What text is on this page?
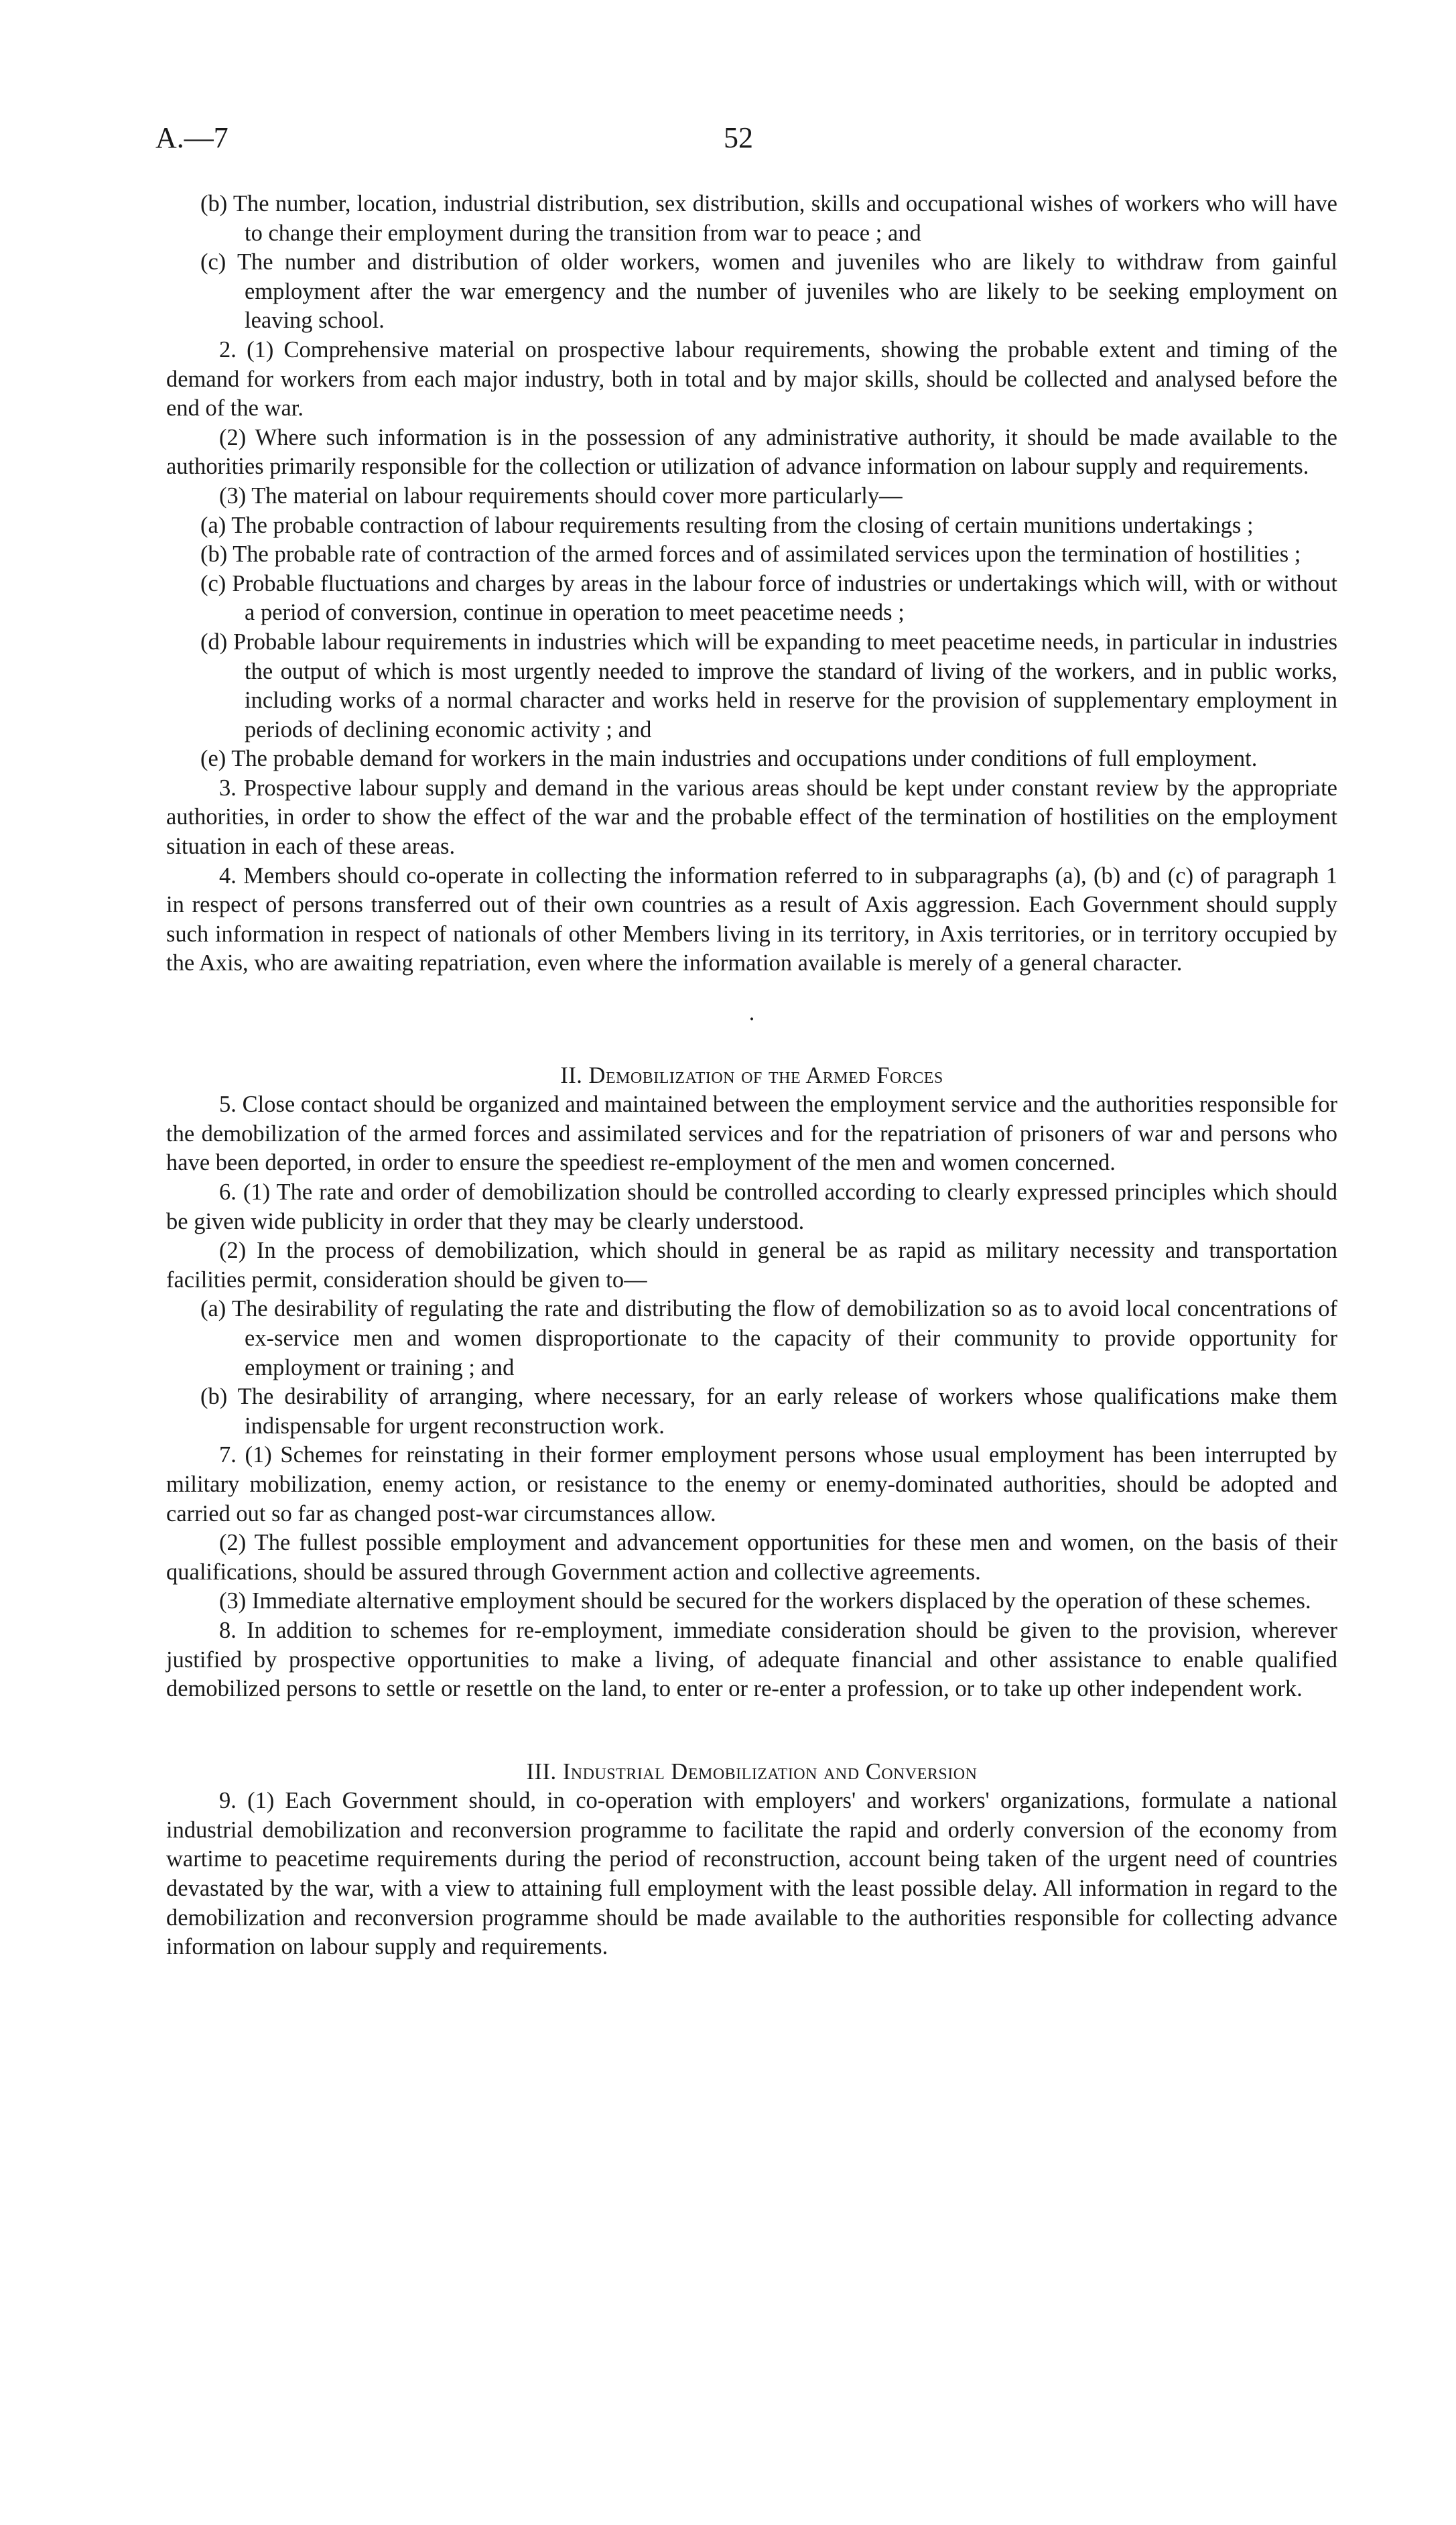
A.—7	52

(b) The number, location, industrial distribution, sex distribution, skills and occupational wishes of workers who will have to change their employment during the transition from war to peace ; and

(c) The number and distribution of older workers, women and juveniles who are likely to withdraw from gainful employment after the war emergency and the number of juveniles who are likely to be seeking employment on leaving school.

2. (1) Comprehensive material on prospective labour requirements, showing the probable extent and timing of the demand for workers from each major industry, both in total and by major skills, should be collected and analysed before the end of the war.

(2) Where such information is in the possession of any administrative authority, it should be made available to the authorities primarily responsible for the collection or utilization of advance information on labour supply and requirements.

(3) The material on labour requirements should cover more particularly—

(a) The probable contraction of labour requirements resulting from the closing of certain munitions undertakings ;

(b) The probable rate of contraction of the armed forces and of assimilated services upon the termination of hostilities ;

(c) Probable fluctuations and charges by areas in the labour force of industries or undertakings which will, with or without a period of conversion, continue in operation to meet peacetime needs ;

(d) Probable labour requirements in industries which will be expanding to meet peacetime needs, in particular in industries the output of which is most urgently needed to improve the standard of living of the workers, and in public works, including works of a normal character and works held in reserve for the provision of supplementary employment in periods of declining economic activity ; and

(e) The probable demand for workers in the main industries and occupations under conditions of full employment.

3. Prospective labour supply and demand in the various areas should be kept under constant review by the appropriate authorities, in order to show the effect of the war and the probable effect of the termination of hostilities on the employment situation in each of these areas.

4. Members should co-operate in collecting the information referred to in subparagraphs (a), (b) and (c) of paragraph 1 in respect of persons transferred out of their own countries as a result of Axis aggression. Each Government should supply such information in respect of nationals of other Members living in its territory, in Axis territories, or in territory occupied by the Axis, who are awaiting repatriation, even where the information available is merely of a general character.

·

II. Demobilization of the Armed Forces

5. Close contact should be organized and maintained between the employment service and the authorities responsible for the demobilization of the armed forces and assimilated services and for the repatriation of prisoners of war and persons who have been deported, in order to ensure the speediest re-employment of the men and women concerned.

6. (1) The rate and order of demobilization should be controlled according to clearly expressed principles which should be given wide publicity in order that they may be clearly understood.

(2) In the process of demobilization, which should in general be as rapid as military necessity and transportation facilities permit, consideration should be given to—

(a) The desirability of regulating the rate and distributing the flow of demobilization so as to avoid local concentrations of ex-service men and women disproportionate to the capacity of their community to provide opportunity for employment or training ; and

(b) The desirability of arranging, where necessary, for an early release of workers whose qualifications make them indispensable for urgent reconstruction work.

7. (1) Schemes for reinstating in their former employment persons whose usual employment has been interrupted by military mobilization, enemy action, or resistance to the enemy or enemy-dominated authorities, should be adopted and carried out so far as changed post-war circumstances allow.

(2) The fullest possible employment and advancement opportunities for these men and women, on the basis of their qualifications, should be assured through Government action and collective agreements.

(3) Immediate alternative employment should be secured for the workers displaced by the operation of these schemes.

8. In addition to schemes for re-employment, immediate consideration should be given to the provision, wherever justified by prospective opportunities to make a living, of adequate financial and other assistance to enable qualified demobilized persons to settle or resettle on the land, to enter or re-enter a profession, or to take up other independent work.

III. Industrial Demobilization and Conversion

9. (1) Each Government should, in co-operation with employers' and workers' organizations, formulate a national industrial demobilization and reconversion programme to facilitate the rapid and orderly conversion of the economy from wartime to peacetime requirements during the period of reconstruction, account being taken of the urgent need of countries devastated by the war, with a view to attaining full employment with the least possible delay. All information in regard to the demobilization and reconversion programme should be made available to the authorities responsible for collecting advance information on labour supply and requirements.
